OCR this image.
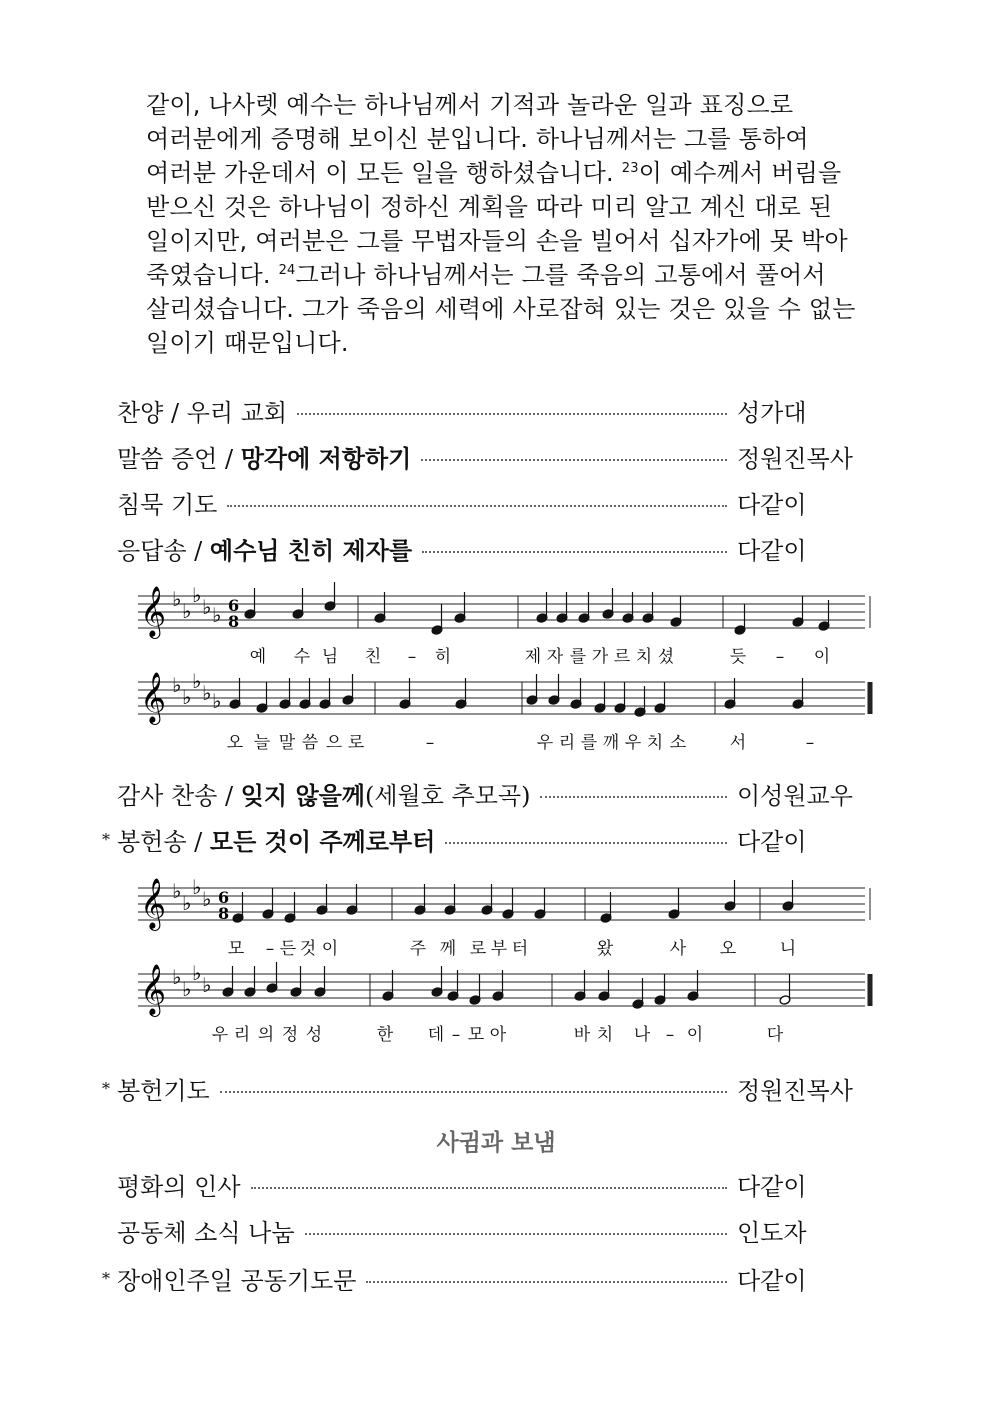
같이, 나사렛 예수는 하나님께서 기적과 놀라운 일과 표징으로
여러분에게 증명해 보이신 분입니다. 하나님께서는 그를 통하여
여러분 가운데서 이 모든 일을 행하셨습니다. $^{23}$이 예수께서 버림을
받으신 것은 하나님이 정하신 계획을 따라 미리 알고 계신 대로 된
일이지만, 여러분은 그를 무법자들의 손을 빌어서 십자가에 못 박아
죽였습니다. $^{24}$그러나 하나님께서는 그를 죽음의 고통에서 풀어서
살리셨습니다. 그가 죽음의 세력에 사로잡혀 있는 것은 있을 수 없는
일이기 때문입니다.
찬양 / 우리 교회	성가대
말씀 증언 / 망각에 저항하기	정원진목사
침묵 기도	다같이
응답송 / 예수님 친히 제자를	다같이
𝄞 ♭ ♭
♭ ♭ ♭ 6
8
예 수 님 친 – 히	제 자 를 가 르 치 셨	듯 – 이
𝄞 ♭ ♭
♭ ♭ ♭
오 늘 말 씀 으 로	–	우 리 를 깨 우 치 소	서	–
감사 찬송 / 잊지 않을께(세월호 추모곡)	이성원교우
* 봉헌송 / 모든 것이 주께로부터	다같이
𝄞 ♭ ♭
♭ ♭ 6
8
모 – 든 것 이	주 께 로 부 터	왔	사 오	니
𝄞 ♭ ♭
♭ ♭
우 리 의 정 성	한 데 – 모 아	바 치 나 – 이	다
* 봉헌기도	정원진목사
사귐과 보냄
평화의 인사	다같이
공동체 소식 나눔	인도자
* 장애인주일 공동기도문	다같이
